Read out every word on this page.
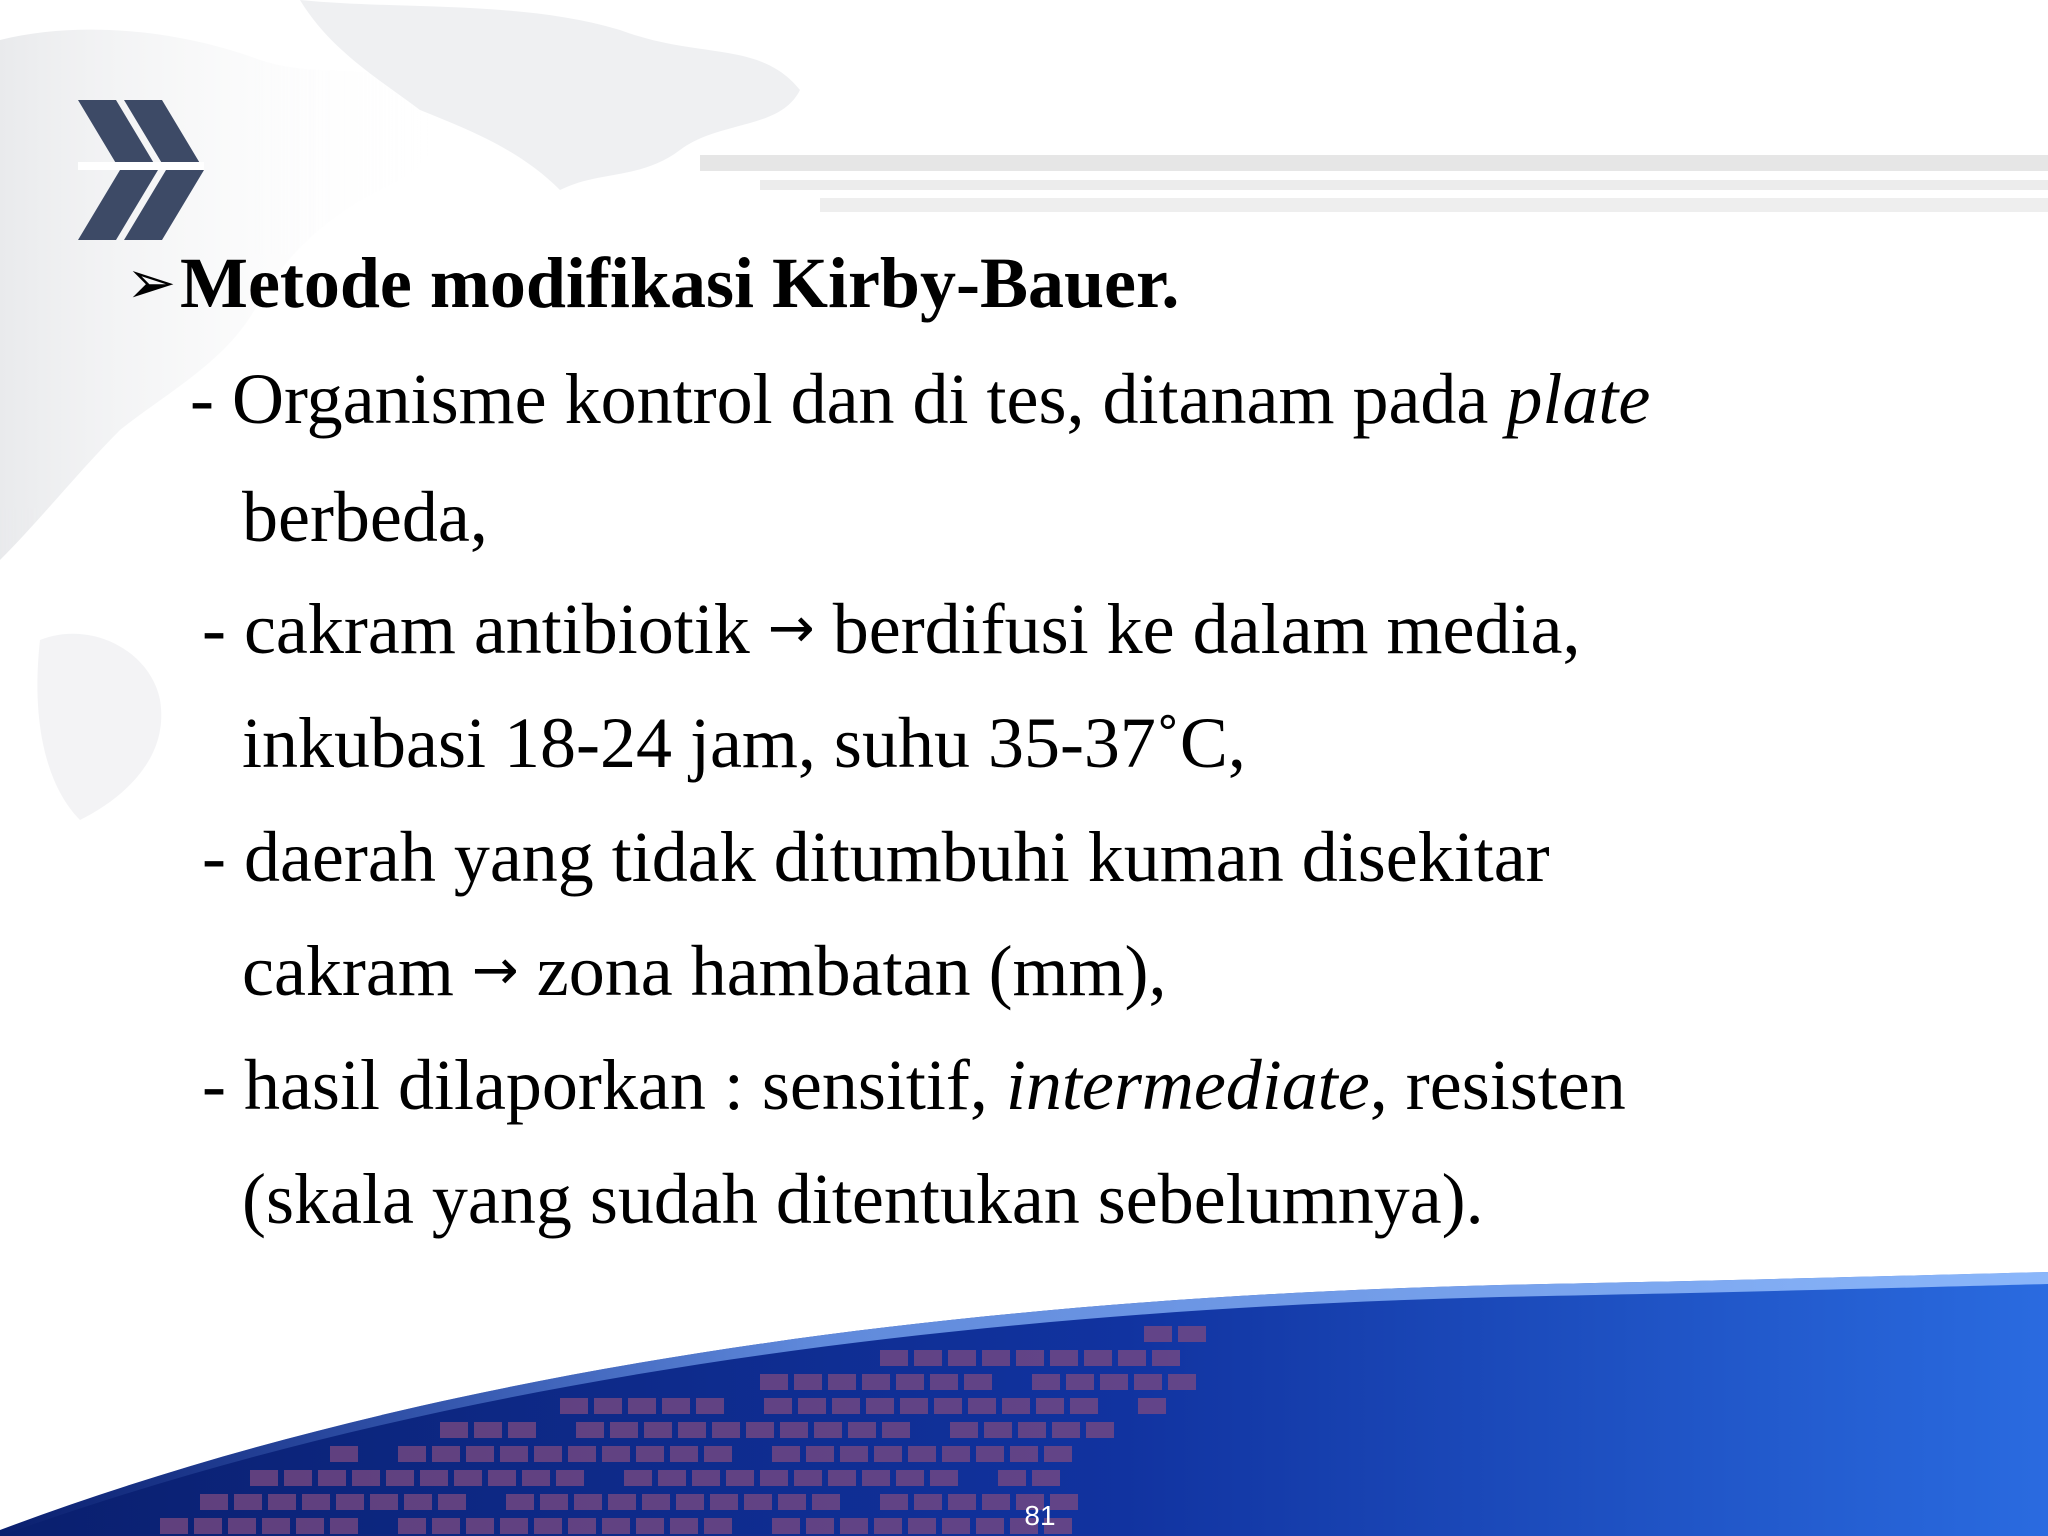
➢Metode modifikasi Kirby-Bauer.

- Organisme kontrol dan di tes, ditanam pada plate

berbeda,

- cakram antibiotik → berdifusi ke dalam media,

inkubasi 18-24 jam, suhu 35-37˚C,

- daerah yang tidak ditumbuhi kuman disekitar

cakram → zona hambatan (mm),

- hasil dilaporkan : sensitif, intermediate, resisten

(skala yang sudah ditentukan sebelumnya).

81
